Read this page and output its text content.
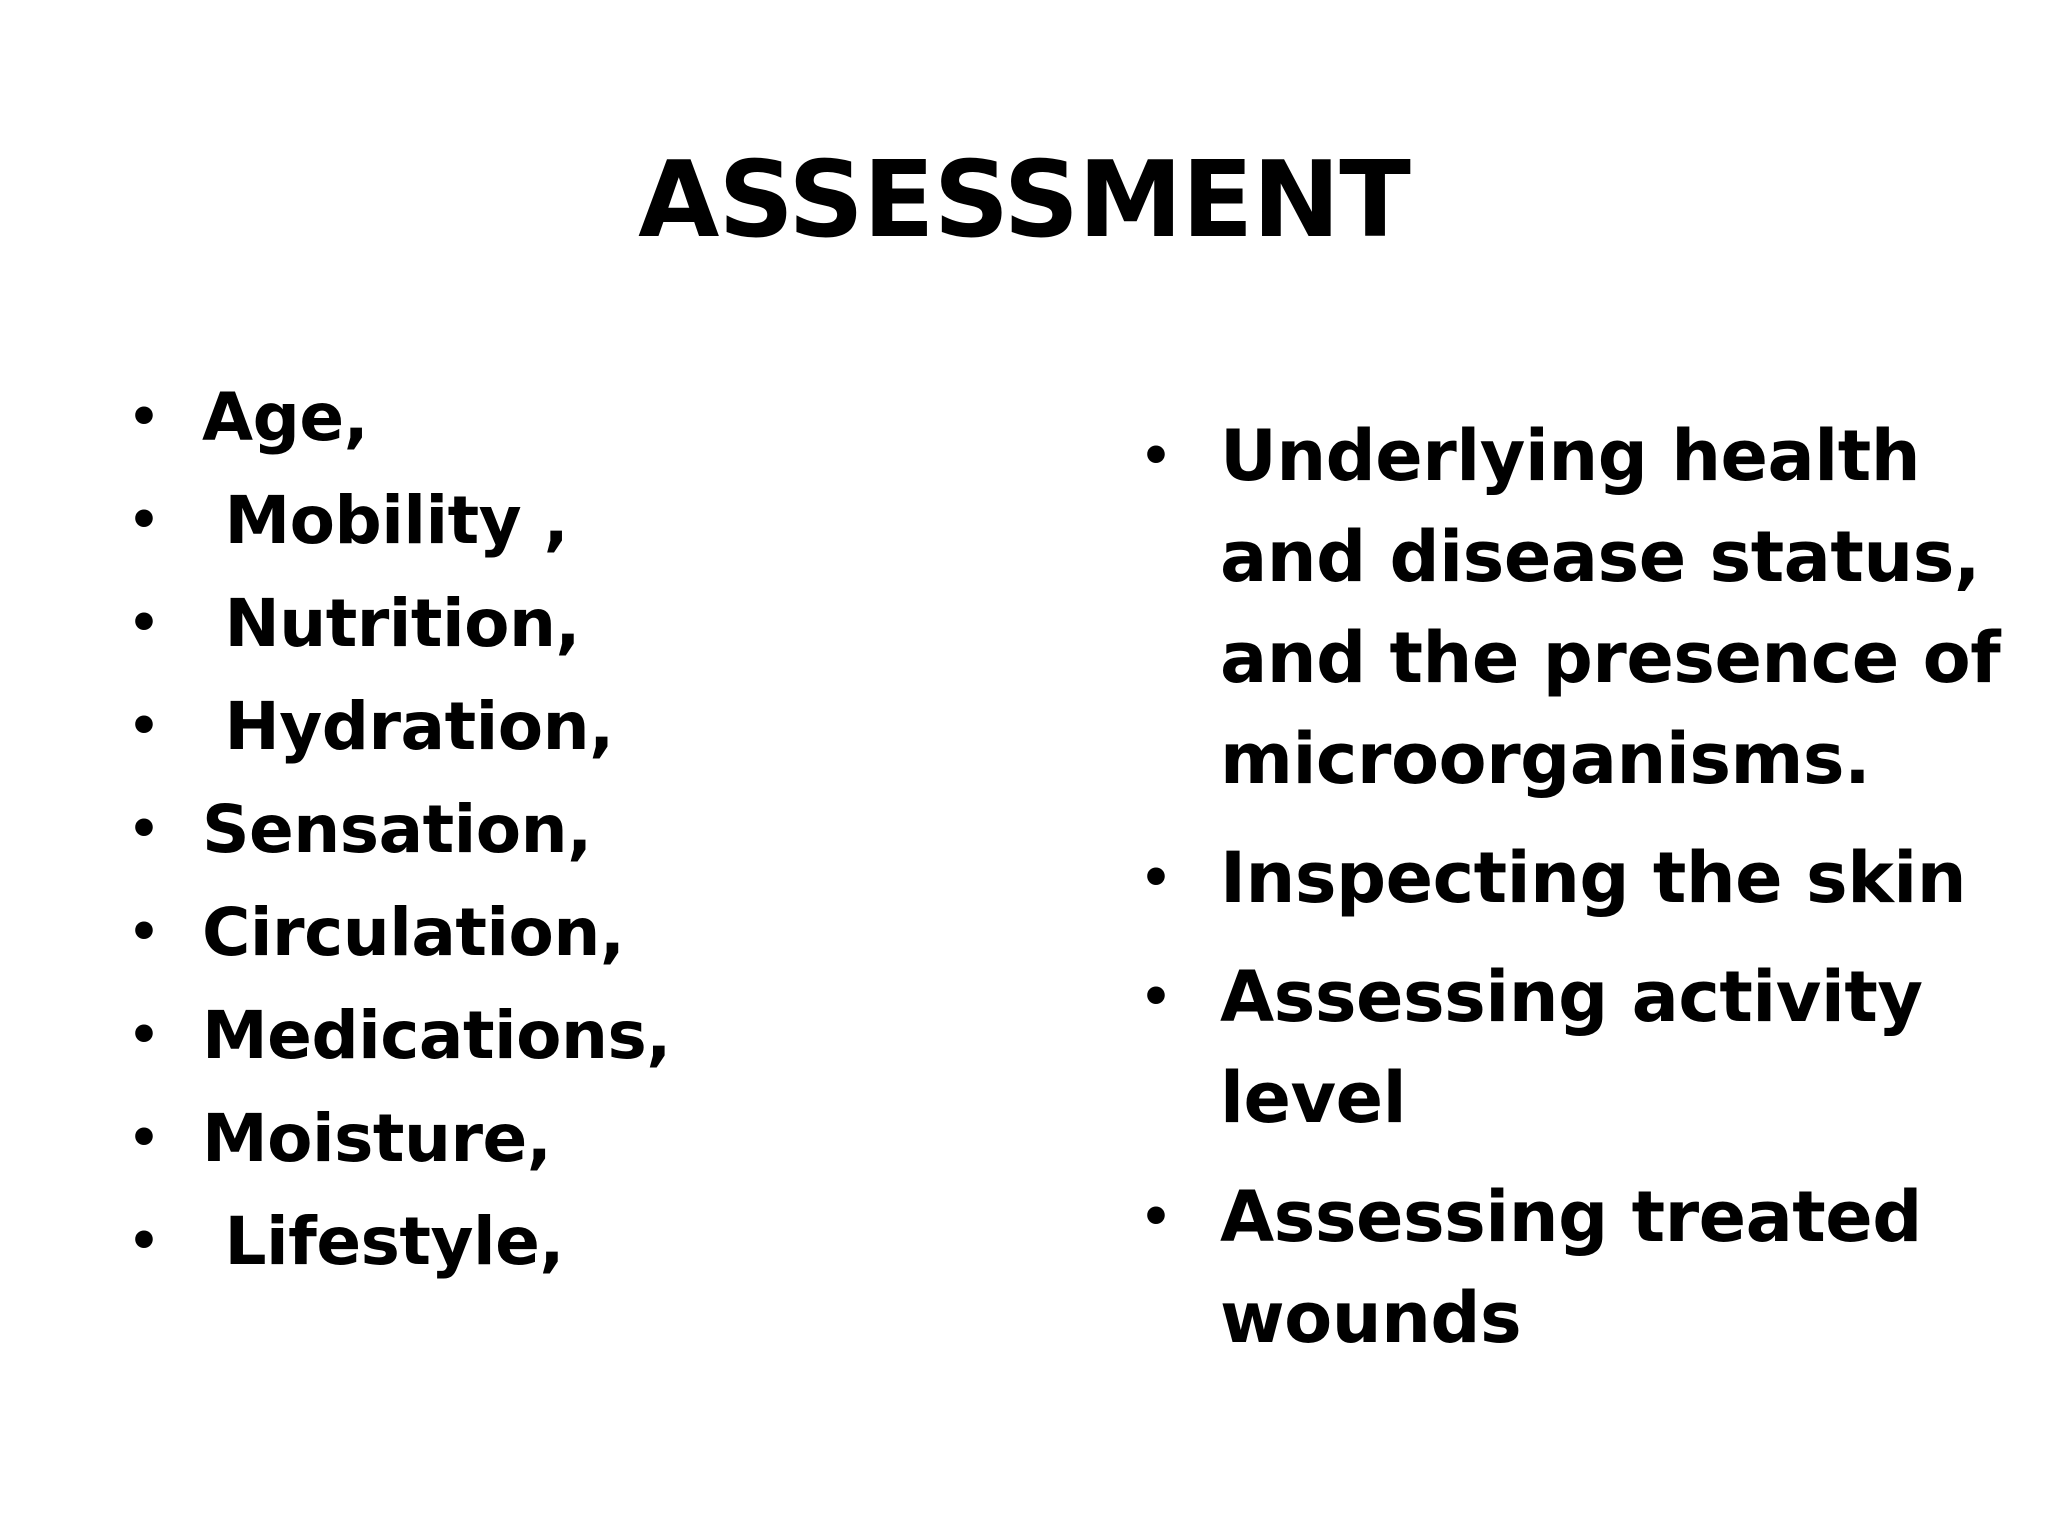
ASSESSMENT
• Age,
• Mobility ,
• Nutrition,
• Hydration,
• Sensation,
• Circulation,
• Medications,
• Moisture,
• Lifestyle,
• Underlying health and disease status, and the presence of microorganisms.
• Inspecting the skin
• Assessing activity level
• Assessing treated wounds
